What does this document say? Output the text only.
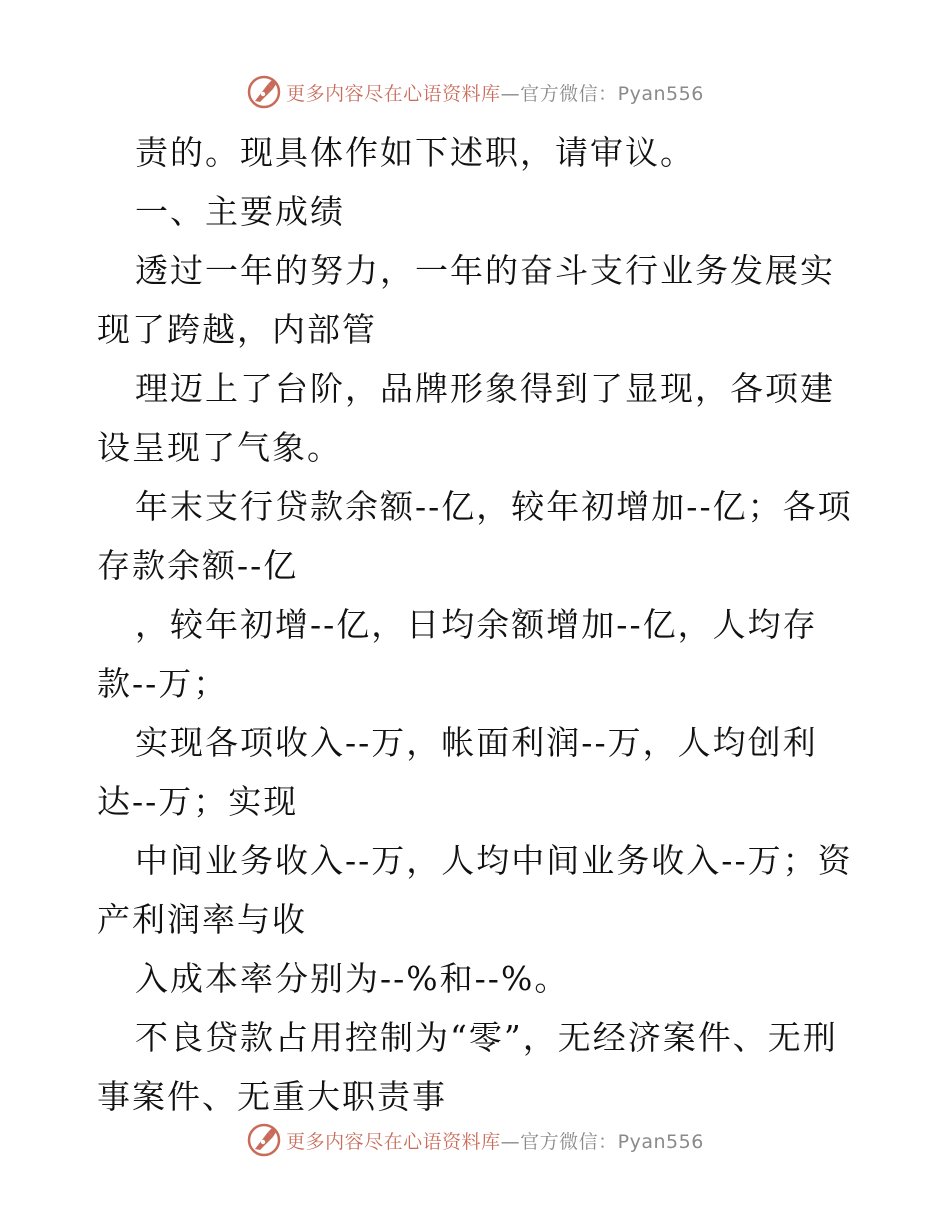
更多内容尽在心语资料库—官方微信：Pyan556

责的。现具体作如下述职，请审议。

一、主要成绩

透过一年的努力，一年的奋斗支行业务发展实现了跨越，内部管

理迈上了台阶，品牌形象得到了显现，各项建设呈现了气象。

年末支行贷款余额--亿，较年初增加--亿；各项存款余额--亿

，较年初增--亿，日均余额增加--亿，人均存款--万；

实现各项收入--万，帐面利润--万，人均创利达--万；实现

中间业务收入--万，人均中间业务收入--万；资产利润率与收

入成本率分别为--%和--%。

不良贷款占用控制为“零”，无经济案件、无刑事案件、无重大职责事

更多内容尽在心语资料库—官方微信：Pyan556
